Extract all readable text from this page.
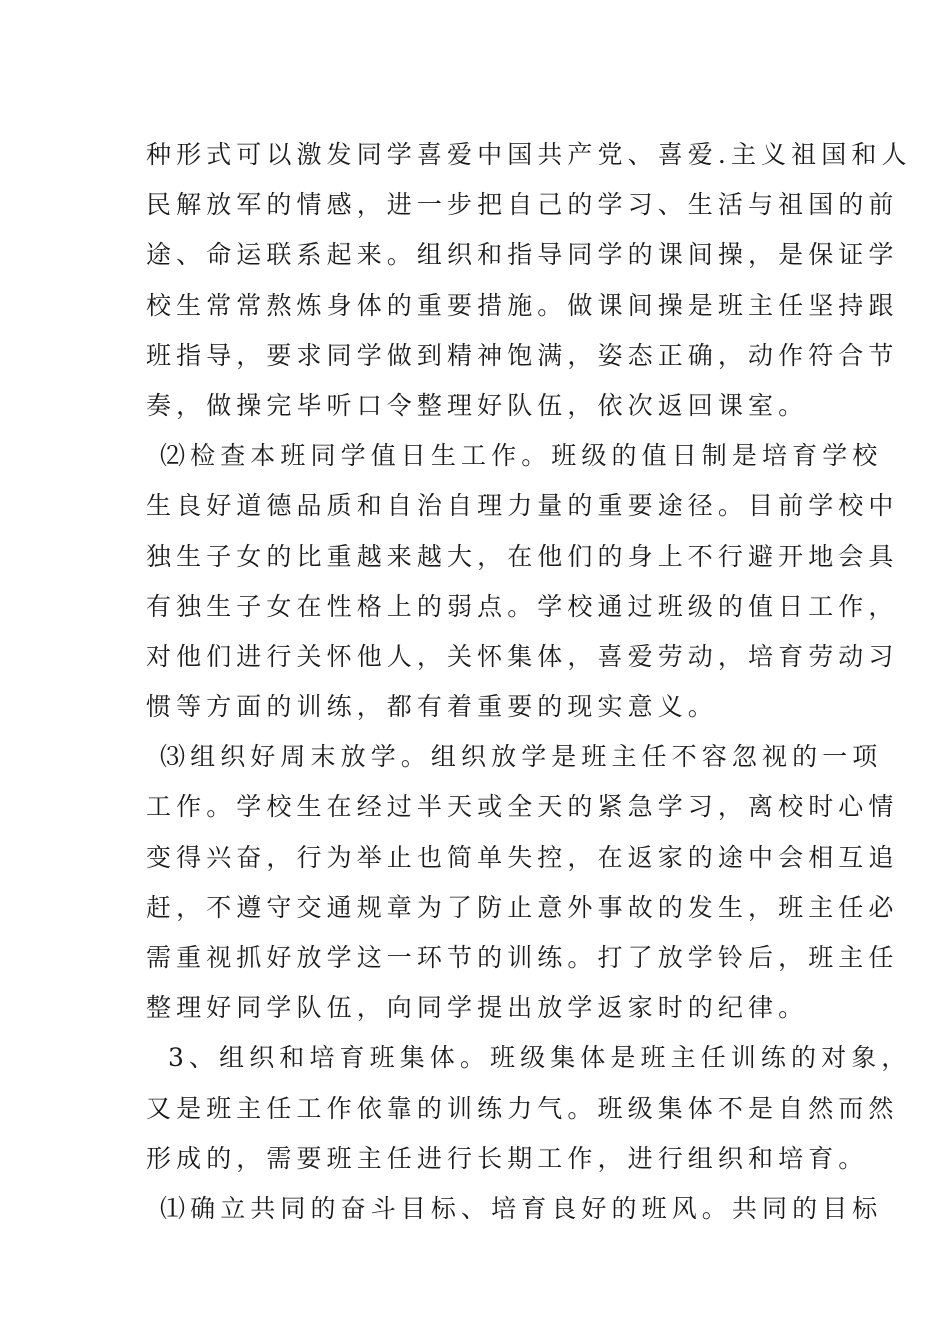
种形式可以激发同学喜爱中国共产党、喜爱.主义祖国和人
民解放军的情感，进一步把自己的学习、生活与祖国的前
途、命运联系起来。组织和指导同学的课间操，是保证学
校生常常熬炼身体的重要措施。做课间操是班主任坚持跟
班指导，要求同学做到精神饱满，姿态正确，动作符合节
奏，做操完毕听口令整理好队伍，依次返回课室。
⑵检查本班同学值日生工作。班级的值日制是培育学校
生良好道德品质和自治自理力量的重要途径。目前学校中
独生子女的比重越来越大，在他们的身上不行避开地会具
有独生子女在性格上的弱点。学校通过班级的值日工作，
对他们进行关怀他人，关怀集体，喜爱劳动，培育劳动习
惯等方面的训练，都有着重要的现实意义。
⑶组织好周末放学。组织放学是班主任不容忽视的一项
工作。学校生在经过半天或全天的紧急学习，离校时心情
变得兴奋，行为举止也简单失控，在返家的途中会相互追
赶，不遵守交通规章为了防止意外事故的发生，班主任必
需重视抓好放学这一环节的训练。打了放学铃后，班主任
整理好同学队伍，向同学提出放学返家时的纪律。
3、组织和培育班集体。班级集体是班主任训练的对象，
又是班主任工作依靠的训练力气。班级集体不是自然而然
形成的，需要班主任进行长期工作，进行组织和培育。
⑴确立共同的奋斗目标、培育良好的班风。共同的目标
